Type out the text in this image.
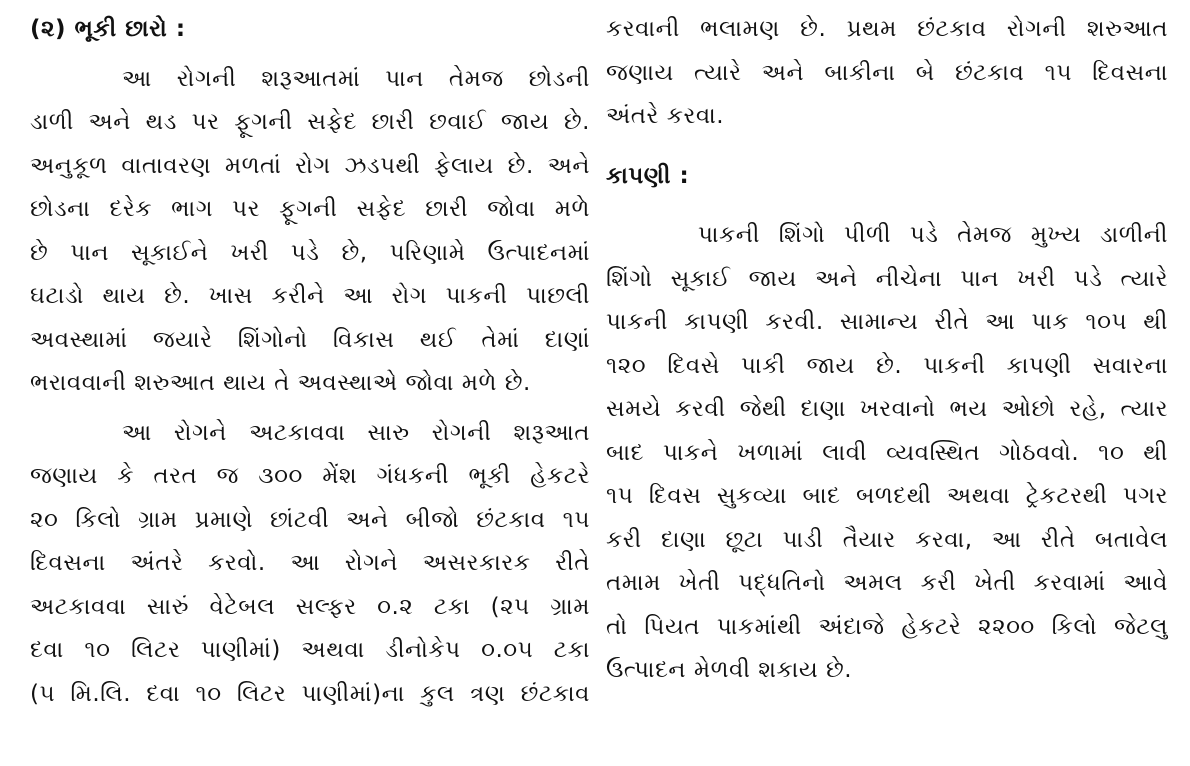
(૨) ભૂકી છારો :
આ રોગની શરૂઆતમાં પાન તેમજ છોડની
ડાળી અને થડ પર ફૂગની સફેદ છારી છવાઈ જાય છે.
અનુકૂળ વાતાવરણ મળતાં રોગ ઝડપથી ફેલાય છે. અને
છોડના દરેક ભાગ પર ફૂગની સફેદ છારી જોવા મળે
છે પાન સૂકાઈને ખરી પડે છે, પરિણામે ઉત્પાદનમાં
ઘટાડો થાય છે. ખાસ કરીને આ રોગ પાકની પાછલી
અવસ્થામાં જયારે શિંગોનો વિકાસ થઈ તેમાં દાણાં
ભરાવવાની શરુઆત થાય તે અવસ્થાએ જોવા મળે છે.
આ રોગને અટકાવવા સારુ રોગની શરૂઆત
જણાય કે તરત જ ૩૦૦ મેંશ ગંધકની ભૂકી હેકટરે
૨૦ કિલો ગ્રામ પ્રમાણે છાંટવી અને બીજો છંટકાવ ૧૫
દિવસના અંતરે કરવો. આ રોગને અસરકારક રીતે
અટકાવવા સારું વેટેબલ સલ્ફર ૦.૨ ટકા (૨૫ ગ્રામ
દવા ૧૦ લિટર પાણીમાં) અથવા ડીનોકેપ ૦.૦૫ ટકા
(૫ મિ.લિ. દવા ૧૦ લિટર પાણીમાં)ના કુલ ત્રણ છંટકાવ
કરવાની ભલામણ છે. પ્રથમ છંટકાવ રોગની શરુઆત
જણાય ત્યારે અને બાકીના બે છંટકાવ ૧૫ દિવસના
અંતરે કરવા.
કાપણી :
પાકની શિંગો પીળી પડે તેમજ મુખ્ય ડાળીની
શિંગો સૂકાઈ જાય અને નીચેના પાન ખરી પડે ત્યારે
પાકની કાપણી કરવી. સામાન્ય રીતે આ પાક ૧૦૫ થી
૧૨૦ દિવસે પાકી જાય છે. પાકની કાપણી સવારના
સમયે કરવી જેથી દાણા ખરવાનો ભય ઓછો રહે, ત્યાર
બાદ પાકને ખળામાં લાવી વ્યવસ્થિત ગોઠવવો. ૧૦ થી
૧૫ દિવસ સુકવ્યા બાદ બળદથી અથવા ટ્રેકટરથી પગર
કરી દાણા છૂટા પાડી તૈયાર કરવા, આ રીતે બતાવેલ
તમામ ખેતી પદ્ધતિનો અમલ કરી ખેતી કરવામાં આવે
તો પિયત પાકમાંથી અંદાજે હેકટરે ૨૨૦૦ કિલો જેટલુ
ઉત્પાદન મેળવી શકાય છે.
